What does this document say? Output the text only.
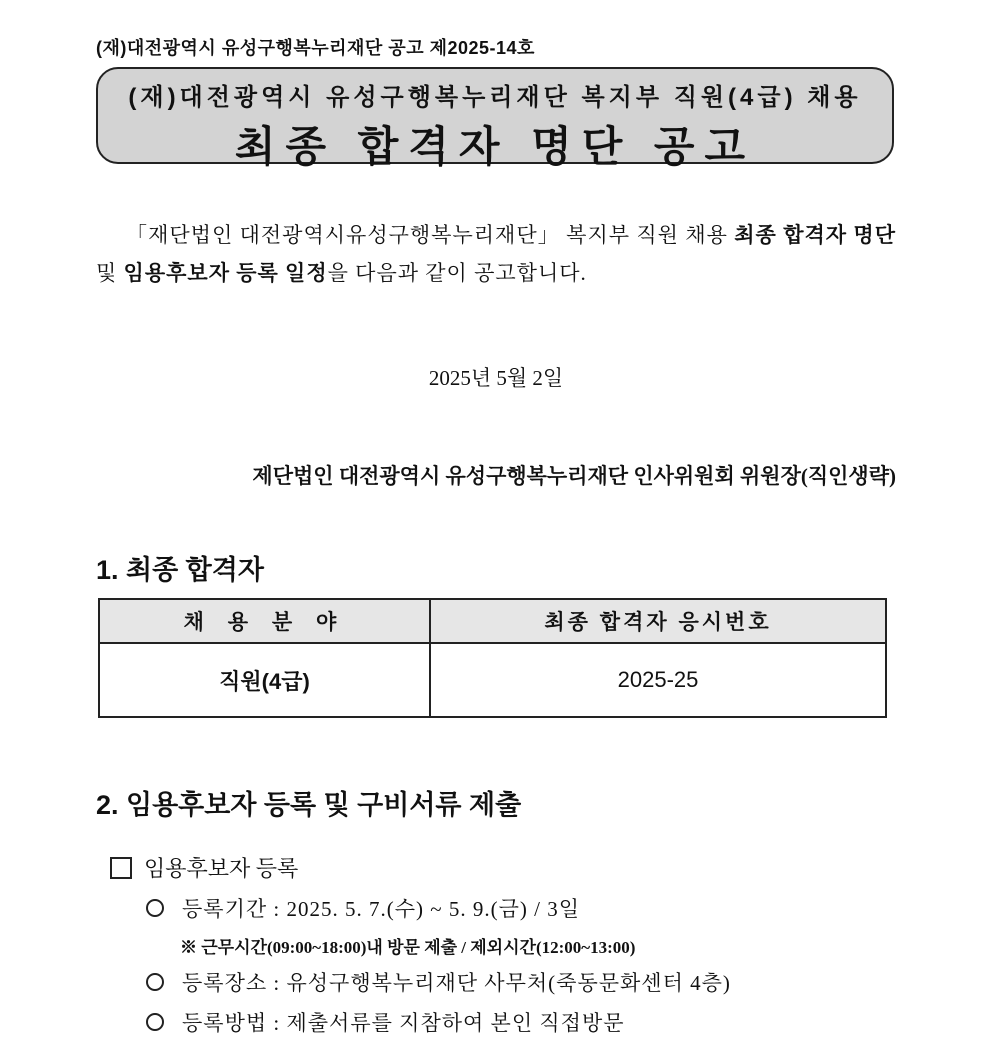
(재)대전광역시 유성구행복누리재단 공고 제2025-14호
(재)대전광역시 유성구행복누리재단 복지부 직원(4급) 채용
최종 합격자 명단 공고
「재단법인 대전광역시유성구행복누리재단」 복지부 직원 채용 최종 합격자 명단 및 임용후보자 등록 일정을 다음과 같이 공고합니다.
2025년 5월 2일
제단법인 대전광역시 유성구행복누리재단 인사위원회 위원장(직인생략)
1. 최종 합격자
채 용 분 야	최종 합격자 응시번호
직원(4급)	2025-25
2. 임용후보자 등록 및 구비서류 제출
임용후보자 등록
등록기간 : 2025. 5. 7.(수) ~ 5. 9.(금) / 3일
※ 근무시간(09:00~18:00)내 방문 제출 / 제외시간(12:00~13:00)
등록장소 : 유성구행복누리재단 사무처(죽동문화센터 4층)
등록방법 : 제출서류를 지참하여 본인 직접방문
